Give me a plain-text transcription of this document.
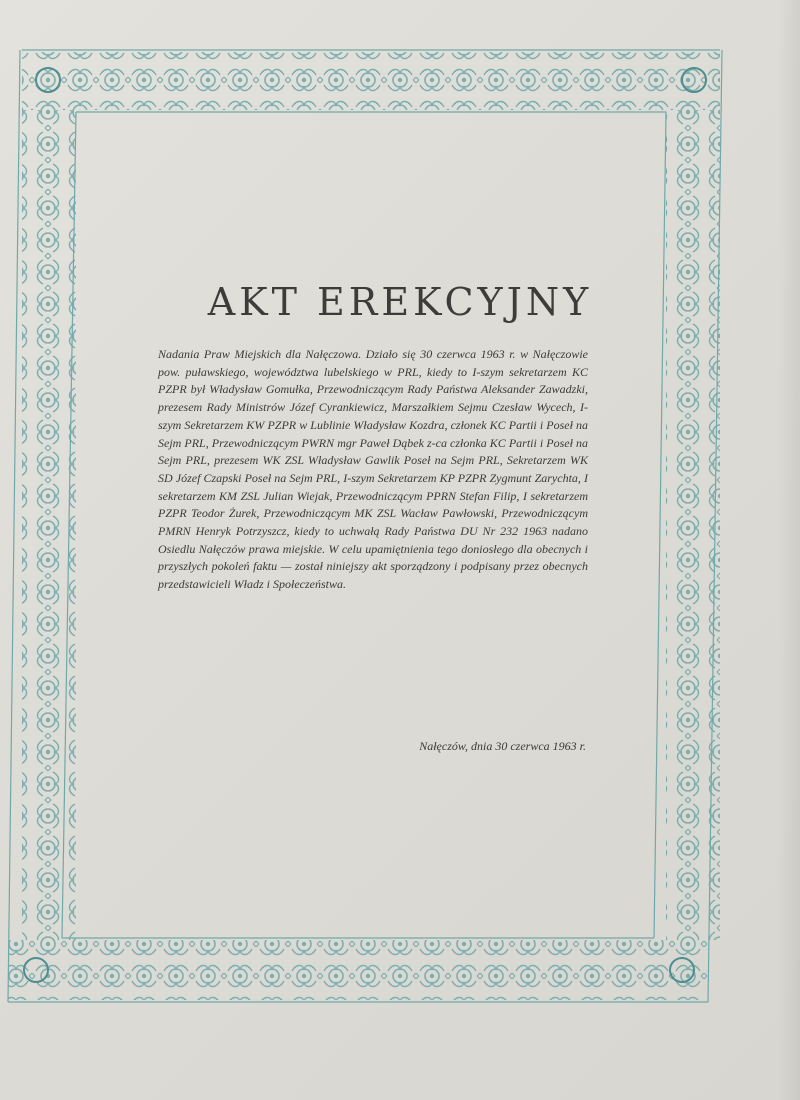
AKT EREKCYJNY

Nadania Praw Miejskich dla Nałęczowa. Działo się 30 czerwca 1963 r. w Nałęczowie pow. puławskiego, województwa lubelskiego w PRL, kiedy to I-szym sekretarzem KC PZPR był Władysław Gomułka, Przewodniczącym Rady Państwa Aleksander Zawadzki, prezesem Rady Ministrów Józef Cyrankiewicz, Marszałkiem Sejmu Czesław Wycech, I-szym Sekretarzem KW PZPR w Lublinie Władysław Kozdra, członek KC Partii i Poseł na Sejm PRL, Przewodniczącym PWRN mgr Paweł Dąbek z-ca członka KC Partii i Poseł na Sejm PRL, prezesem WK ZSL Władysław Gawlik Poseł na Sejm PRL, Sekretarzem WK SD Józef Czapski Poseł na Sejm PRL, I-szym Sekretarzem KP PZPR Zygmunt Zarychta, I sekretarzem KM ZSL Julian Wiejak, Przewodniczącym PPRN Stefan Filip, I sekretarzem PZPR Teodor Żurek, Przewodniczącym MK ZSL Wacław Pawłowski, Przewodniczącym PMRN Henryk Potrzyszcz, kiedy to uchwałą Rady Państwa DU Nr 232 1963 nadano Osiedlu Nałęczów prawa miejskie. W celu upamiętnienia tego doniosłego dla obecnych i przyszłych pokoleń faktu — został niniejszy akt sporządzony i podpisany przez obecnych przedstawicieli Władz i Społeczeństwa.

Nałęczów, dnia 30 czerwca 1963 r.
